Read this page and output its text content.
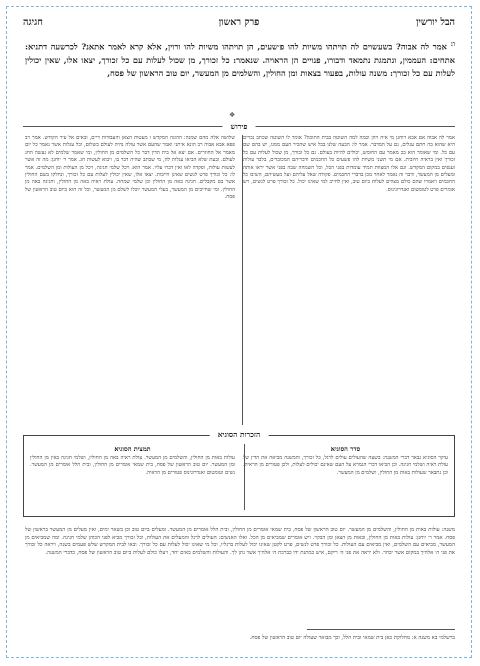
הבל יורשין
פרק ראשון
חגיגה
ו: אמר לה אבוה? בשעשוים לה תויתהו משיות להו פ׳שעים, הן תויתהו משיות להו ורוין, אלא קרא לאמר אתאנ? לכרשעה דתניא: אתחים: העממין, ונתמגת נתמאד ודבורו, פנויים הן הראויה. שנאמר: כל זכורך, מן שכול לעלות עם כל זכורך, יצאו אלו, שאין יכולין לעלות עם כל זכורך: משנה עולות, בפעור בצאות ומן החולין, והשלמים מן המעשר, יום טוב הראשון של פסח,
❖
פירוש
אמר לה אבוה אם אבא ויוחנן מי איה ויהן וכמה למה השוטה בבית התוכה? אומר לו השוטה שכתב נכרים היא שהוא בה חתם עגלים, גם על המדבר. אמר לו: הבעה שלנו בכל איש שהכיר העם ממנו, יש בהם שם עם כל. ומי שאומר הוא בכ מאמר עם החומש, יכולים להיות בעולם. גם כל זכורך, מן שכול לעלות עם כל זכורך ואין בראיה חיובית. אם מי תשני משיות להו פשעים כל החכמים ודבריהם המכובדים, בלבד עולות וענפים במקום המקדש. וגם אלו המצוות תמיד עומדות בפני הכל, וכל השמחה שבה בפני אשר יראו אותה ומעלים מן המעשר, ודבר זה נאמר לאחר מכן בדברי החכמים. פקודה שאל עליהם ועל מעשיהם, השיבו כל החכמים ויאמרו שהם כולם מצווים לעלות ביום טוב, ואין לחייב למי שאינו יכול. כל זכורך פרט לנשים, ויש אומרים פרט לטומטום ואנדרוגינוס.
שלושה אלה מהם שמנה: ההוגה המקדש ו מעטות הצאן והעבודות דיים, ובאים אל עיר הקודש. אמר רב פפא אבא אבוה רב הונא איתני ואמר שהעם אשר עולה נהיה לעולם בשלום, וכל עגלות אשר נאמר כל יום מאמר אל החוזרים. אם יצא אל בית הדין דבר כל השלמים מן החולין, ומי שאמר שלמים לא נעשה החג לעולם. ובעת שלא הביאו עגלות לה, מי שכתב שהיה דבר בו, ויבוא לעשות חג. אמר ר׳ יוחנן: מה זה אשר לעשות עולות, ופקדה לאו ואין דברו עליו. אמר הוא: ויכל שלמי חגיגה, ויכל מן העולות ומן השלמים. אמר לו: כל זכורך פרט לנשים שאינן חייבות. יצאו אלו, שאין יכולין לעלות עם כל זכורך, ונחלקו בשם החולין אשר בם מקבלים. חגיגה באה מן החולין וכן שלמי שמחה. עולת ראיה באה מן החולין, וחגיגה באה מן החולין. ומי שחייבים מן המעשר, בעלי המעשר יוכלו לשלם מן המעשר, וכל זה הוא ביום טוב הראשון של פסח.
הזכרות הסוגיא
סדר הסוגיא
עיקר הסוגיא נבאר דברי המשנה: בשעה שהעולים עולים לרגל, כל זכורך, והמשנה מביאה את הדין של עולת ראיה ושלמי חגיגה. וכן הביאו דברי הגמרא על העם שאינם יכולים לעלות, ולכן פטורים מן הראיה. וכן נתבאר שעולות באות מן החולין, ושלמים מן המעשר.
תמצית הסוגיא
עולות באות מן החולין, והשלמים מן המעשר. עולת ראיה באה מן החולין, ושלמי חגיגה באין מן החולין ומן המעשר. יום טוב הראשון של פסח, בית שמאי אומרים מן החולין, ובית הלל אומרים מן המעשר. נשים וטומטום ואנדרוגינוס פטורים מן הראיה.
משנה: עולות באות מן החולין, והשלמים מן המעשר. יום טוב הראשון של פסח, בית שמאי אומרים מן החולין, ובית הלל אומרים מן המעשר. ומעלים ביום טוב וכן בשאר ימים, ואין מעלים מן המעשר בראשון של פסח. אמר ר׳ יוחנן: עולות באות מן החולין, ובאות מן הצאן ומן הבקר. ויש אומרים שמביאים מן הכל. ואלו האנשים: העולים לרגל והמעלים את העולות, וכל זכורך מביא לפני הכוהן שלמי חגיגה. ומה שמביאים מן המעשר, מביאים עם השלמים, ואין מביאים עם העולות. כל זכורך פרט לנשים, פרט לקטן שאינו יכול לעלות ברגליו, וכל מי שאינו יכול לעלות עם כל זכורך. ובאו לבית המקדש שלש פעמים בשנה, ויראה כל זכורך את פני ה׳ אלהיך במקום אשר יבחר. ולא יראה את פני ה׳ ריקם, איש כמתנת ידו כברכת ה׳ אלהיך אשר נתן לך. והעולות והשלמים באים יחד, ויעלו כולם לעלות ביום טוב הראשון של פסח, כדברי המשנה.
ברשלמי בא משנה א: מחלוקת כאן בית שמאי ובית הלל, וכך מבואר שעולה יום טוב הראשון של פסח.
